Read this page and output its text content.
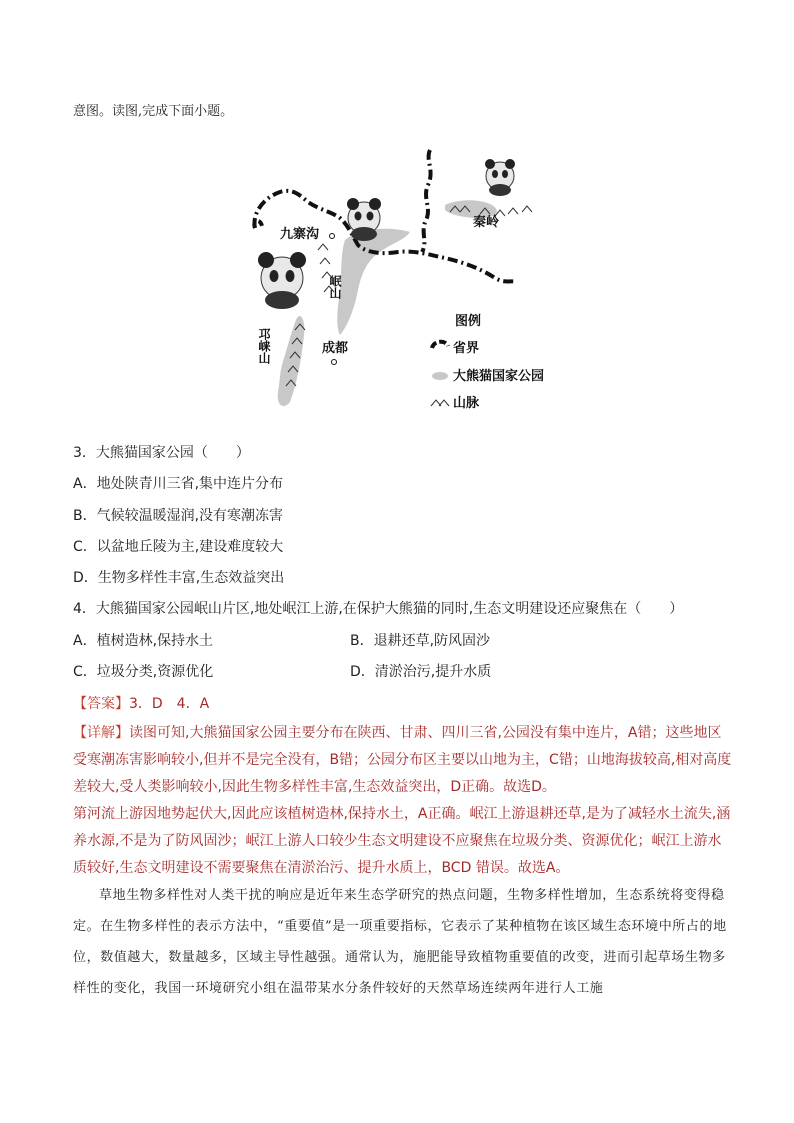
意图。读图,完成下面小题。
九寨沟
秦岭
岷山
邛崃山	成都
图例
省界
大熊猫国家公园
山脉
3．大熊猫国家公园（　　）
A．地处陕青川三省,集中连片分布
B．气候较温暖湿润,没有寒潮冻害
C．以盆地丘陵为主,建设难度较大
D．生物多样性丰富,生态效益突出
4．大熊猫国家公园岷山片区,地处岷江上游,在保护大熊猫的同时,生态文明建设还应聚焦在（　　）
A．植树造林,保持水土	B．退耕还草,防风固沙
C．垃圾分类,资源优化	D．清淤治污,提升水质
【答案】3．D　4．A

【详解】读图可知,大熊猫国家公园主要分布在陕西、甘肃、四川三省,公园没有集中连片，A错；这些地区受寒潮冻害影响较小,但并不是完全没有，B错；公园分布区主要以山地为主，C错；山地海拔较高,相对高度差较大,受人类影响较小,因此生物多样性丰富,生态效益突出，D正确。故选D。

第河流上游因地势起伏大,因此应该植树造林,保持水土，A正确。岷江上游退耕还草,是为了减轻水土流失,涵养水源,不是为了防风固沙；岷江上游人口较少生态文明建设不应聚焦在垃圾分类、资源优化；岷江上游水质较好,生态文明建设不需要聚焦在清淤治污、提升水质上，BCD 错误。故选A。

草地生物多样性对人类干扰的响应是近年来生态学研究的热点问题，生物多样性增加，生态系统将变得稳定。在生物多样性的表示方法中，“重要值”是一项重要指标，它表示了某种植物在该区域生态环境中所占的地位，数值越大，数量越多，区域主导性越强。通常认为，施肥能导致植物重要值的改变，进而引起草场生物多样性的变化，我国一环境研究小组在温带某水分条件较好的天然草场连续两年进行人工施
